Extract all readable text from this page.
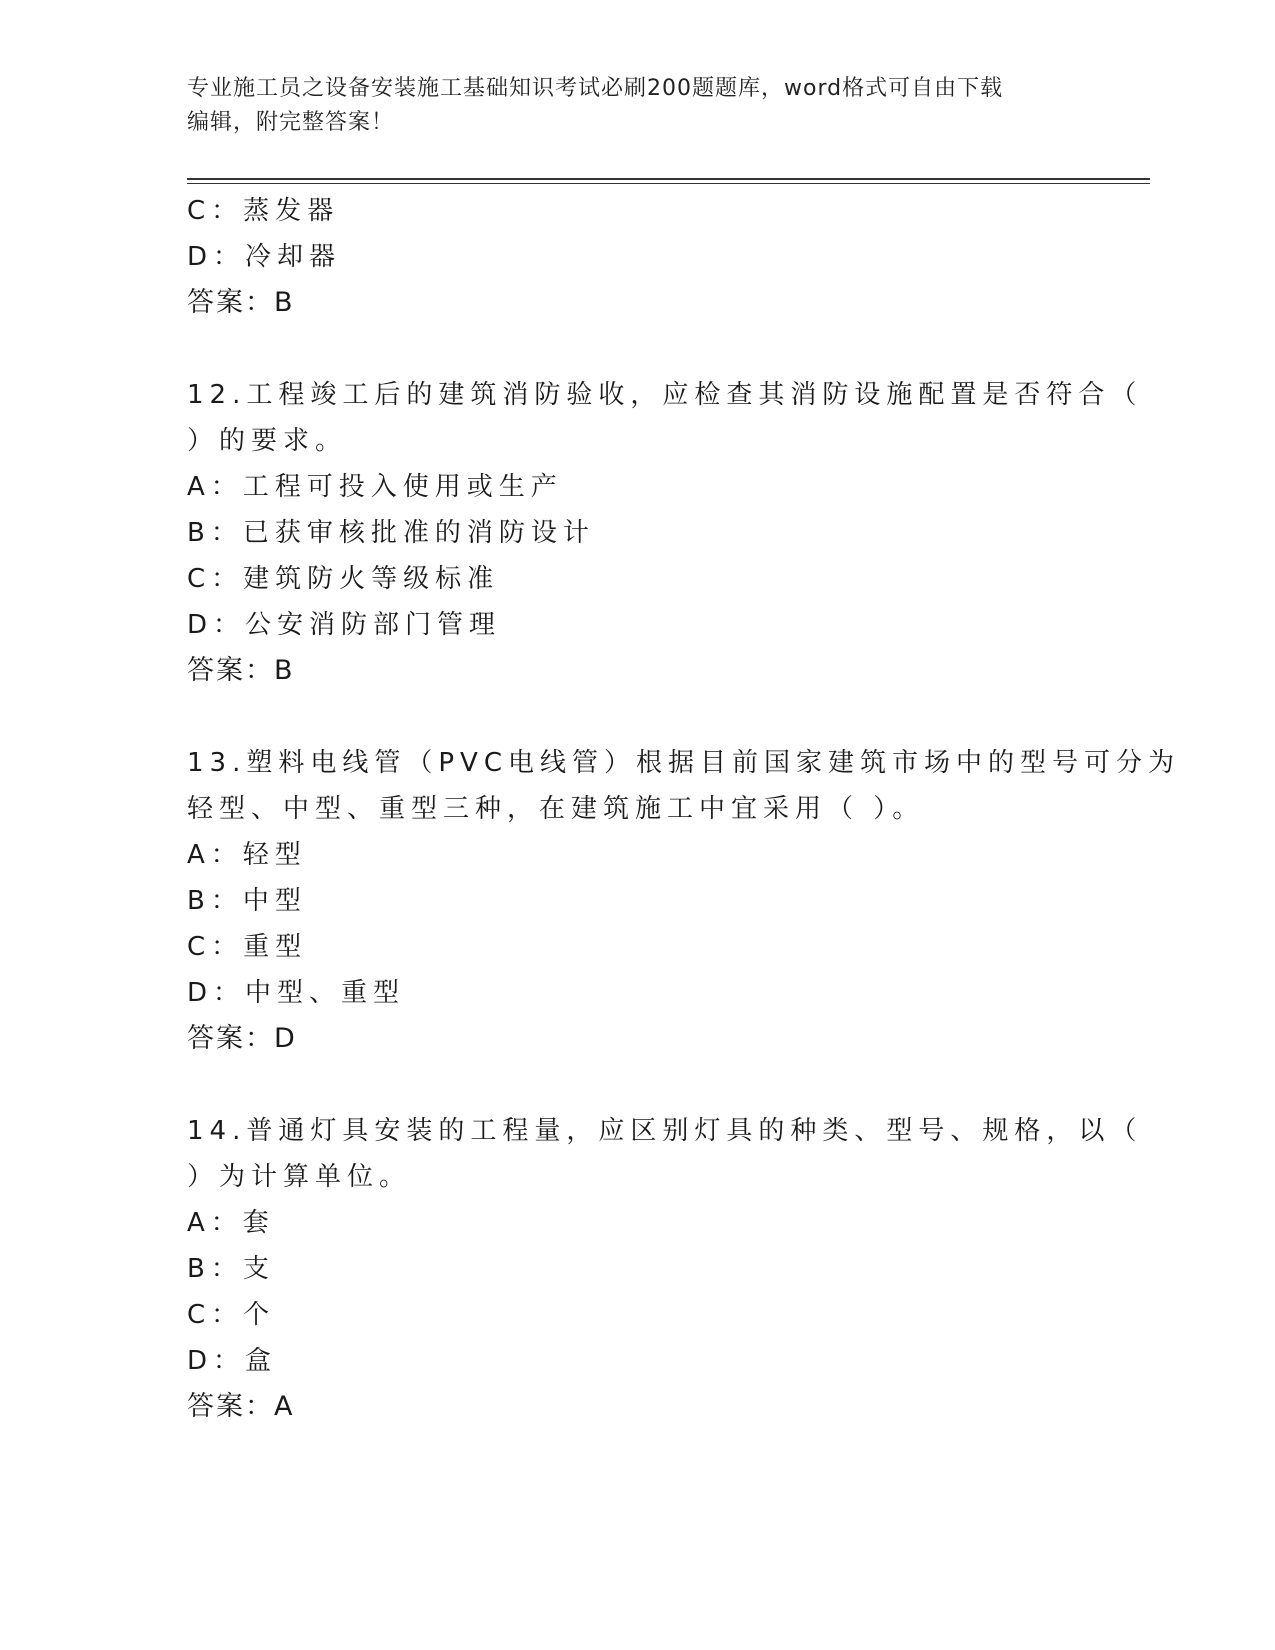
专业施工员之设备安装施工基础知识考试必刷200题题库，word格式可自由下载
编辑，附完整答案！
C：蒸发器
D：冷却器
答案：B
12.工程竣工后的建筑消防验收，应检查其消防设施配置是否符合（
）的要求。
A：工程可投入使用或生产
B：已获审核批准的消防设计
C：建筑防火等级标准
D：公安消防部门管理
答案：B
13.塑料电线管（PVC电线管）根据目前国家建筑市场中的型号可分为
轻型、中型、重型三种，在建筑施工中宜采用（ ）。
A：轻型
B：中型
C：重型
D：中型、重型
答案：D
14.普通灯具安装的工程量，应区别灯具的种类、型号、规格，以（
）为计算单位。
A：套
B：支
C：个
D：盒
答案：A
